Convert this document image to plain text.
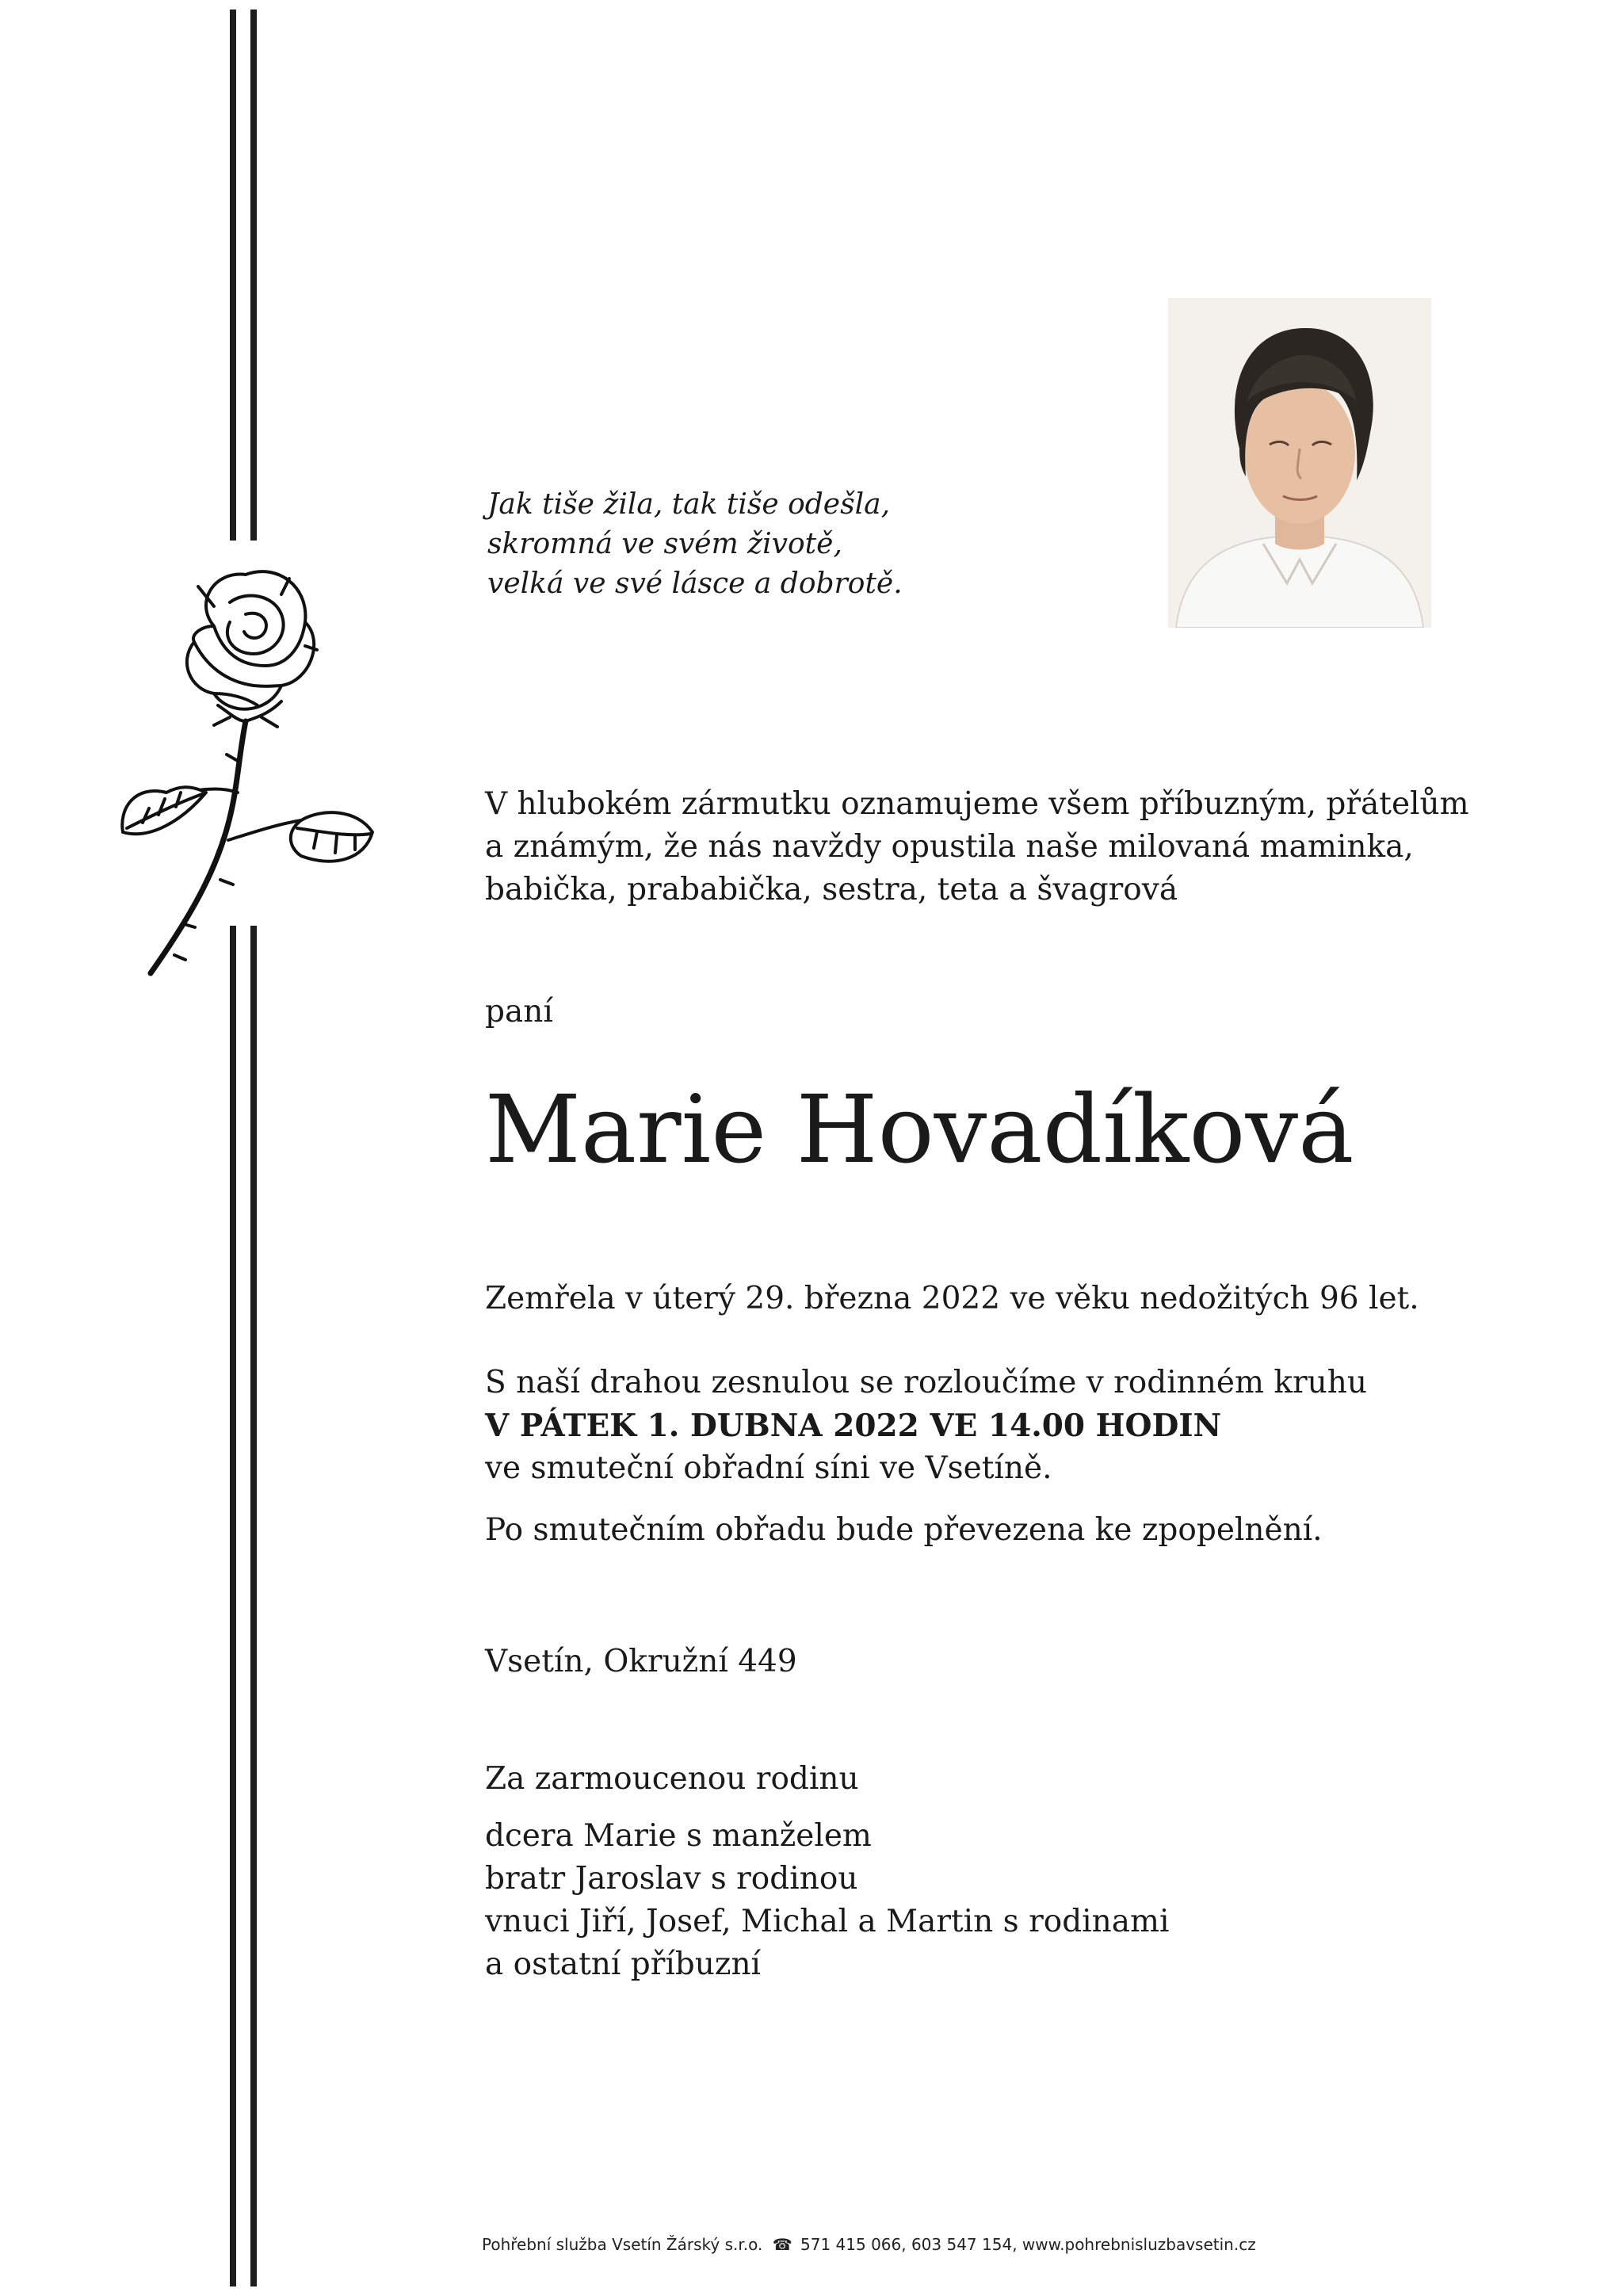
Jak tiše žila, tak tiše odešla,
skromná ve svém životě,
velká ve své lásce a dobrotě.
V hlubokém zármutku oznamujeme všem příbuzným, přátelům
a známým, že nás navždy opustila naše milovaná maminka,
babička, prababička, sestra, teta a švagrová
paní
Marie Hovadíková
Zemřela v úterý 29. března 2022 ve věku nedožitých 96 let.
S naší drahou zesnulou se rozloučíme v rodinném kruhu
V PÁTEK 1. DUBNA 2022 VE 14.00 HODIN
ve smuteční obřadní síni ve Vsetíně.
Po smutečním obřadu bude převezena ke zpopelnění.
Vsetín, Okružní 449
Za zarmoucenou rodinu
dcera Marie s manželem
bratr Jaroslav s rodinou
vnuci Jiří, Josef, Michal a Martin s rodinami
a ostatní příbuzní
Pohřební služba Vsetín Žárský s.r.o. ☎ 571 415 066, 603 547 154, www.pohrebnisluzbavsetin.cz
